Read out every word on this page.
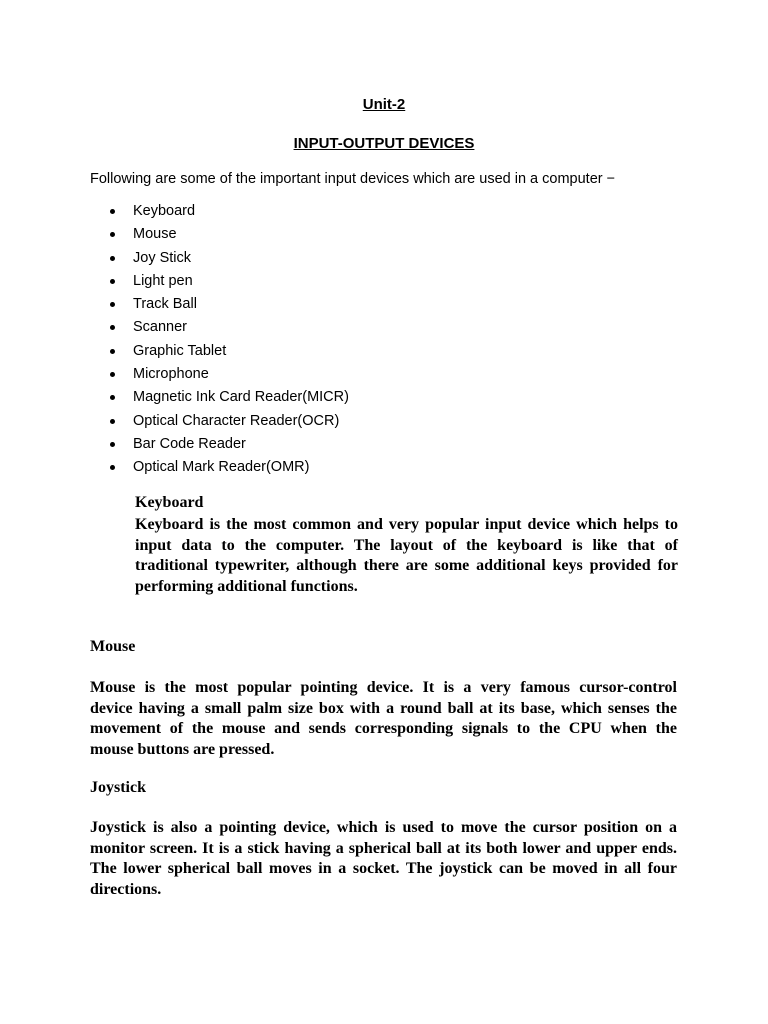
Unit-2
INPUT-OUTPUT DEVICES
Following are some of the important input devices which are used in a computer −
Keyboard
Mouse
Joy Stick
Light pen
Track Ball
Scanner
Graphic Tablet
Microphone
Magnetic Ink Card Reader(MICR)
Optical Character Reader(OCR)
Bar Code Reader
Optical Mark Reader(OMR)
Keyboard
Keyboard is the most common and very popular input device which helps to
input data to the computer. The layout of the keyboard is like that of
traditional typewriter, although there are some additional keys provided for
performing additional functions.
Mouse
Mouse is the most popular pointing device. It is a very famous cursor-control
device having a small palm size box with a round ball at its base, which senses the
movement of the mouse and sends corresponding signals to the CPU when the
mouse buttons are pressed.
Joystick
Joystick is also a pointing device, which is used to move the cursor position on a
monitor screen. It is a stick having a spherical ball at its both lower and upper ends.
The lower spherical ball moves in a socket. The joystick can be moved in all four
directions.
